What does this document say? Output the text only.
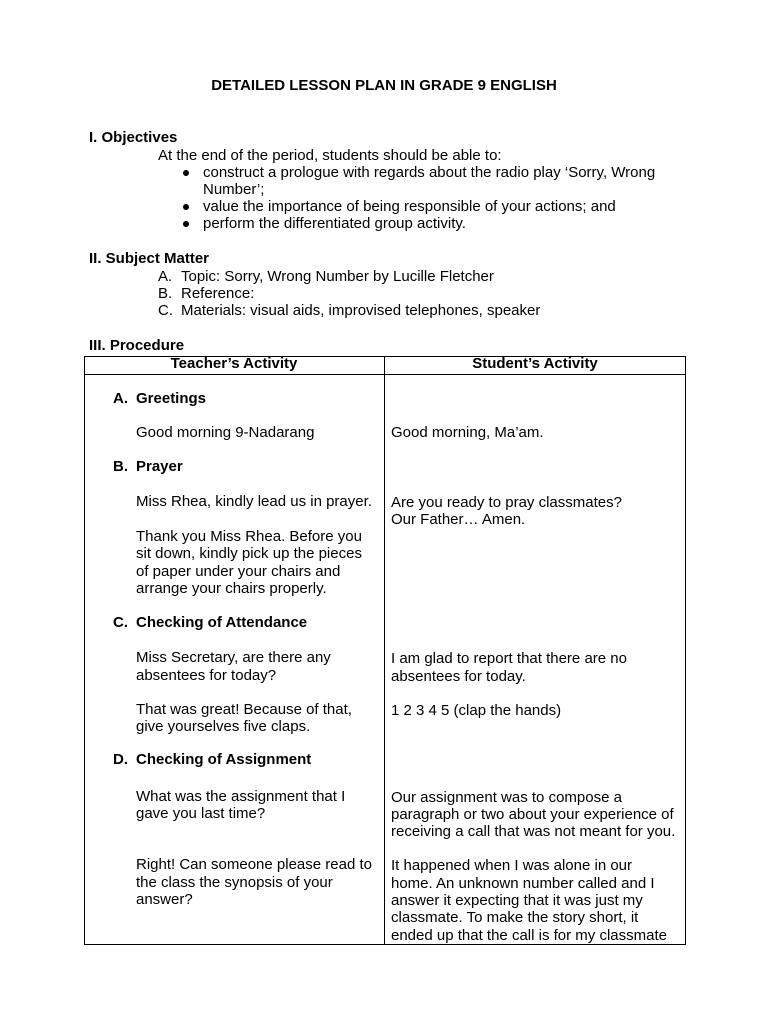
DETAILED LESSON PLAN IN GRADE 9 ENGLISH
I. Objectives
At the end of the period, students should be able to:
construct a prologue with regards about the radio play ‘Sorry, Wrong
Number’;
value the importance of being responsible of your actions; and
perform the differentiated group activity.
II. Subject Matter
A. Topic: Sorry, Wrong Number by Lucille Fletcher
B. Reference:
C. Materials: visual aids, improvised telephones, speaker
III. Procedure
Teacher’s Activity	Student’s Activity
A. Greetings
Good morning 9-Nadarang	Good morning, Ma’am.
B. Prayer
Miss Rhea, kindly lead us in prayer. Are you ready to pray classmates?
Our Father… Amen.
Thank you Miss Rhea. Before you
sit down, kindly pick up the pieces
of paper under your chairs and
arrange your chairs properly.
C. Checking of Attendance
Miss Secretary, are there any
absentees for today?
I am glad to report that there are no
absentees for today.
That was great! Because of that,
give yourselves five claps.
1 2 3 4 5 (clap the hands)
D. Checking of Assignment
What was the assignment that I
gave you last time?
Our assignment was to compose a
paragraph or two about your experience of
receiving a call that was not meant for you.
Right! Can someone please read to
the class the synopsis of your
answer?
It happened when I was alone in our
home. An unknown number called and I
answer it expecting that it was just my
classmate. To make the story short, it
ended up that the call is for my classmate
